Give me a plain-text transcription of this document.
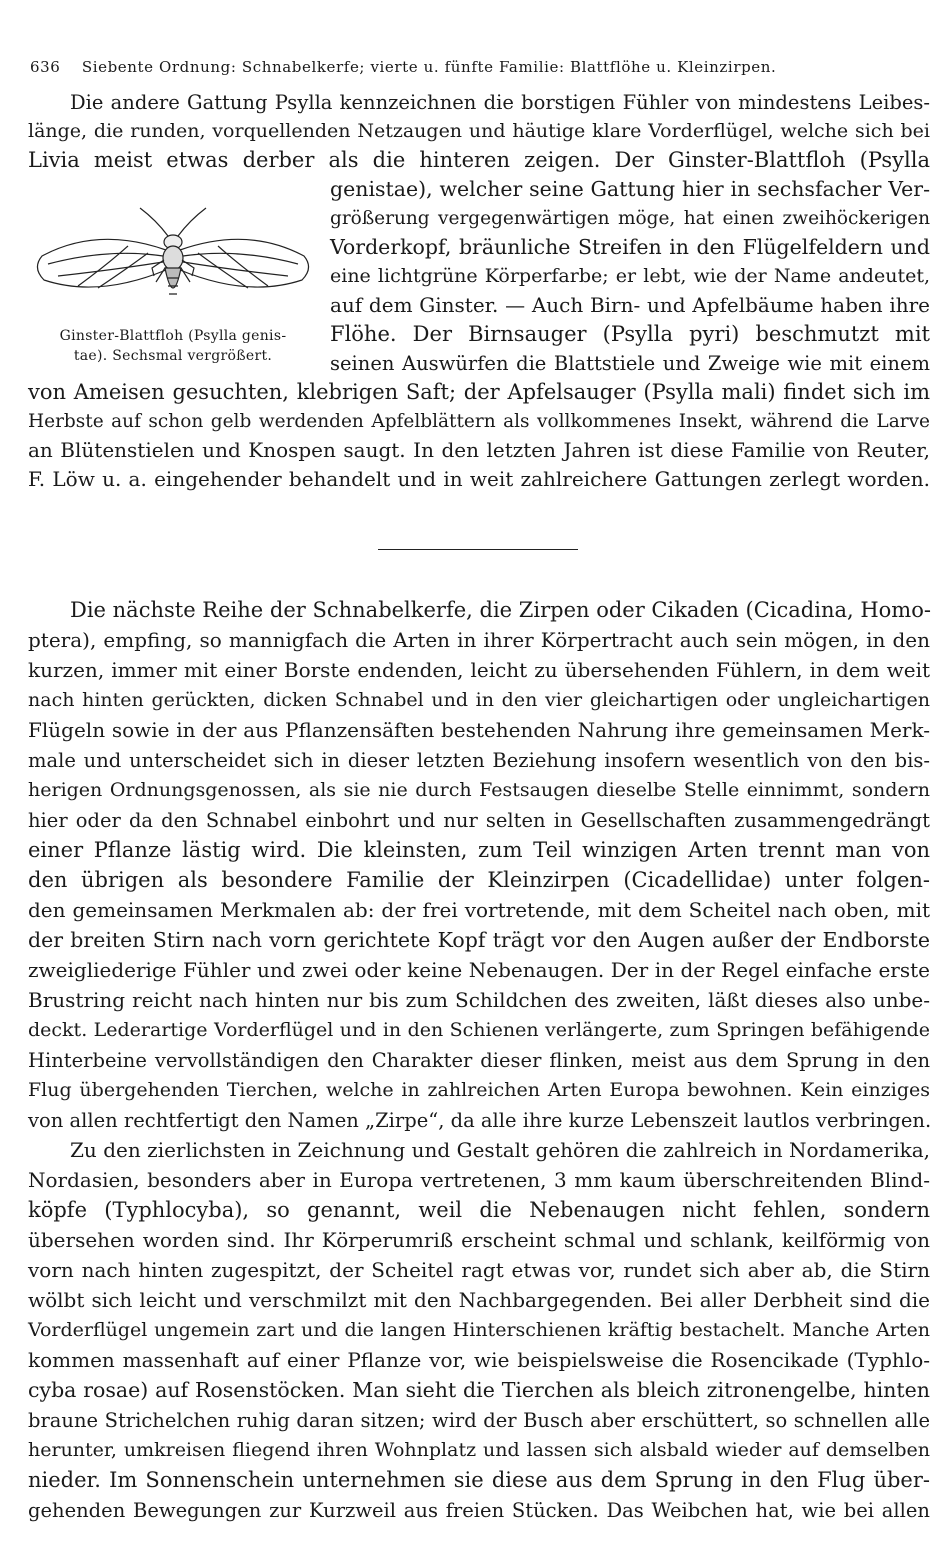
636 Siebente Ordnung: Schnabelkerfe; vierte u. fünfte Familie: Blattflöhe u. Kleinzirpen.
Die andere Gattung Psylla kennzeichnen die borstigen Fühler von mindestens Leibes-
länge, die runden, vorquellenden Netzaugen und häutige klare Vorderflügel, welche sich bei
Livia meist etwas derber als die hinteren zeigen. Der Ginster-Blattfloh (Psylla
genistae), welcher seine Gattung hier in sechsfacher Ver-
größerung vergegenwärtigen möge, hat einen zweihöckerigen
Vorderkopf, bräunliche Streifen in den Flügelfeldern und
eine lichtgrüne Körperfarbe; er lebt, wie der Name andeutet,
auf dem Ginster. — Auch Birn- und Apfelbäume haben ihre
Flöhe. Der Birnsauger (Psylla pyri) beschmutzt mit
seinen Auswürfen die Blattstiele und Zweige wie mit einem
von Ameisen gesuchten, klebrigen Saft; der Apfelsauger (Psylla mali) findet sich im
Herbste auf schon gelb werdenden Apfelblättern als vollkommenes Insekt, während die Larve
an Blütenstielen und Knospen saugt. In den letzten Jahren ist diese Familie von Reuter,
F. Löw u. a. eingehender behandelt und in weit zahlreichere Gattungen zerlegt worden.
Ginster-Blattfloh (Psylla genis-
tae). Sechsmal vergrößert.
Die nächste Reihe der Schnabelkerfe, die Zirpen oder Cikaden (Cicadina, Homo-
ptera), empfing, so mannigfach die Arten in ihrer Körpertracht auch sein mögen, in den
kurzen, immer mit einer Borste endenden, leicht zu übersehenden Fühlern, in dem weit
nach hinten gerückten, dicken Schnabel und in den vier gleichartigen oder ungleichartigen
Flügeln sowie in der aus Pflanzensäften bestehenden Nahrung ihre gemeinsamen Merk-
male und unterscheidet sich in dieser letzten Beziehung insofern wesentlich von den bis-
herigen Ordnungsgenossen, als sie nie durch Festsaugen dieselbe Stelle einnimmt, sondern
hier oder da den Schnabel einbohrt und nur selten in Gesellschaften zusammengedrängt
einer Pflanze lästig wird. Die kleinsten, zum Teil winzigen Arten trennt man von
den übrigen als besondere Familie der Kleinzirpen (Cicadellidae) unter folgen-
den gemeinsamen Merkmalen ab: der frei vortretende, mit dem Scheitel nach oben, mit
der breiten Stirn nach vorn gerichtete Kopf trägt vor den Augen außer der Endborste
zweigliederige Fühler und zwei oder keine Nebenaugen. Der in der Regel einfache erste
Brustring reicht nach hinten nur bis zum Schildchen des zweiten, läßt dieses also unbe-
deckt. Lederartige Vorderflügel und in den Schienen verlängerte, zum Springen befähigende
Hinterbeine vervollständigen den Charakter dieser flinken, meist aus dem Sprung in den
Flug übergehenden Tierchen, welche in zahlreichen Arten Europa bewohnen. Kein einziges
von allen rechtfertigt den Namen „Zirpe“, da alle ihre kurze Lebenszeit lautlos verbringen.
Zu den zierlichsten in Zeichnung und Gestalt gehören die zahlreich in Nordamerika,
Nordasien, besonders aber in Europa vertretenen, 3 mm kaum überschreitenden Blind-
köpfe (Typhlocyba), so genannt, weil die Nebenaugen nicht fehlen, sondern
übersehen worden sind. Ihr Körperumriß erscheint schmal und schlank, keilförmig von
vorn nach hinten zugespitzt, der Scheitel ragt etwas vor, rundet sich aber ab, die Stirn
wölbt sich leicht und verschmilzt mit den Nachbargegenden. Bei aller Derbheit sind die
Vorderflügel ungemein zart und die langen Hinterschienen kräftig bestachelt. Manche Arten
kommen massenhaft auf einer Pflanze vor, wie beispielsweise die Rosencikade (Typhlo-
cyba rosae) auf Rosenstöcken. Man sieht die Tierchen als bleich zitronengelbe, hinten
braune Strichelchen ruhig daran sitzen; wird der Busch aber erschüttert, so schnellen alle
herunter, umkreisen fliegend ihren Wohnplatz und lassen sich alsbald wieder auf demselben
nieder. Im Sonnenschein unternehmen sie diese aus dem Sprung in den Flug über-
gehenden Bewegungen zur Kurzweil aus freien Stücken. Das Weibchen hat, wie bei allen
